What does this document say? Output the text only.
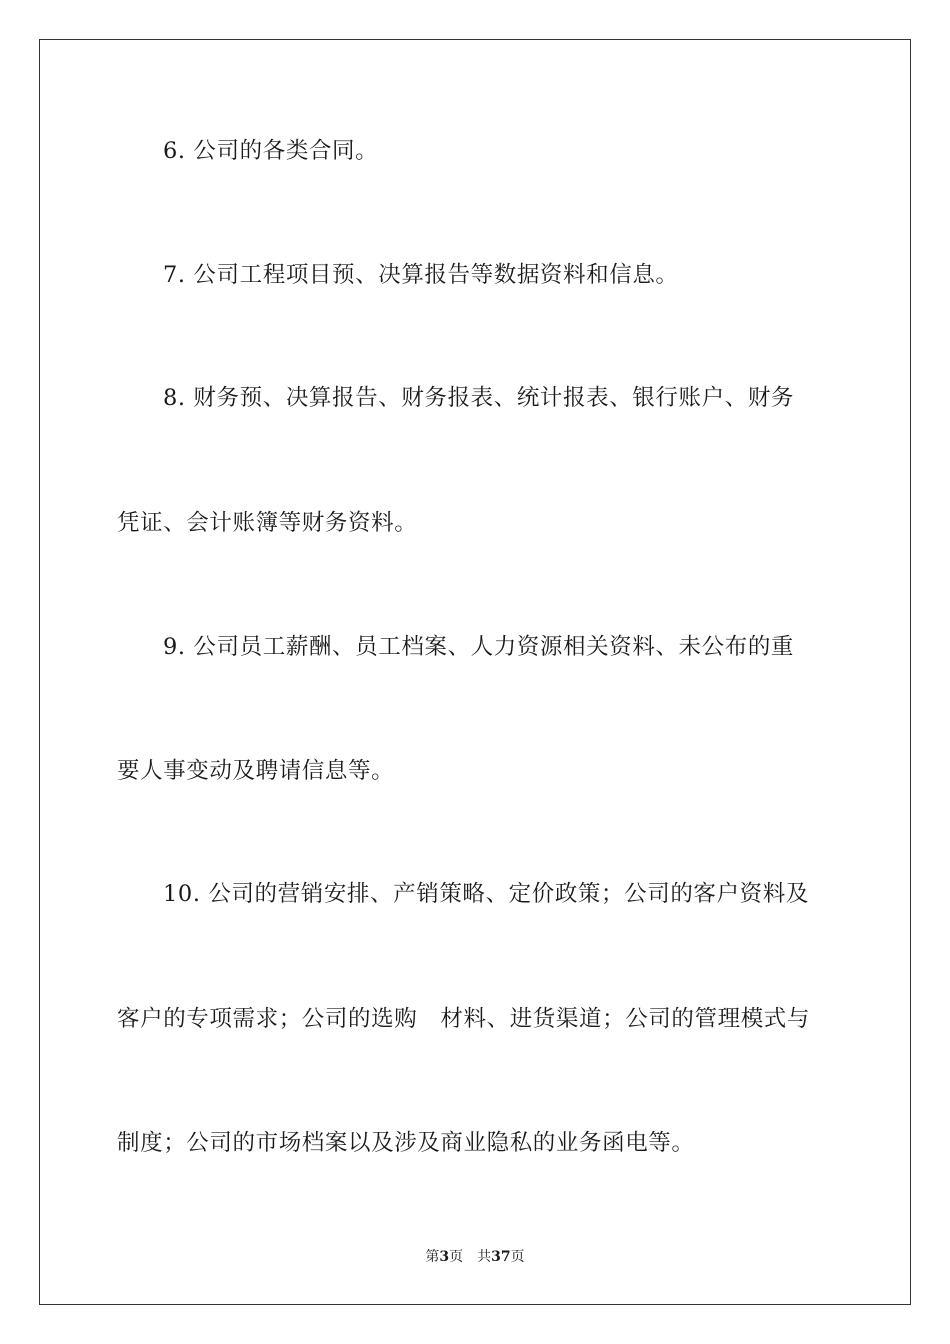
6. 公司的各类合同。
7. 公司工程项目预、决算报告等数据资料和信息。
8. 财务预、决算报告、财务报表、统计报表、银行账户、财务
凭证、会计账簿等财务资料。
9. 公司员工薪酬、员工档案、人力资源相关资料、未公布的重
要人事变动及聘请信息等。
10. 公司的营销安排、产销策略、定价政策；公司的客户资料及
客户的专项需求；公司的选购　材料、进货渠道；公司的管理模式与
制度；公司的市场档案以及涉及商业隐私的业务函电等。
第3页 共37页
